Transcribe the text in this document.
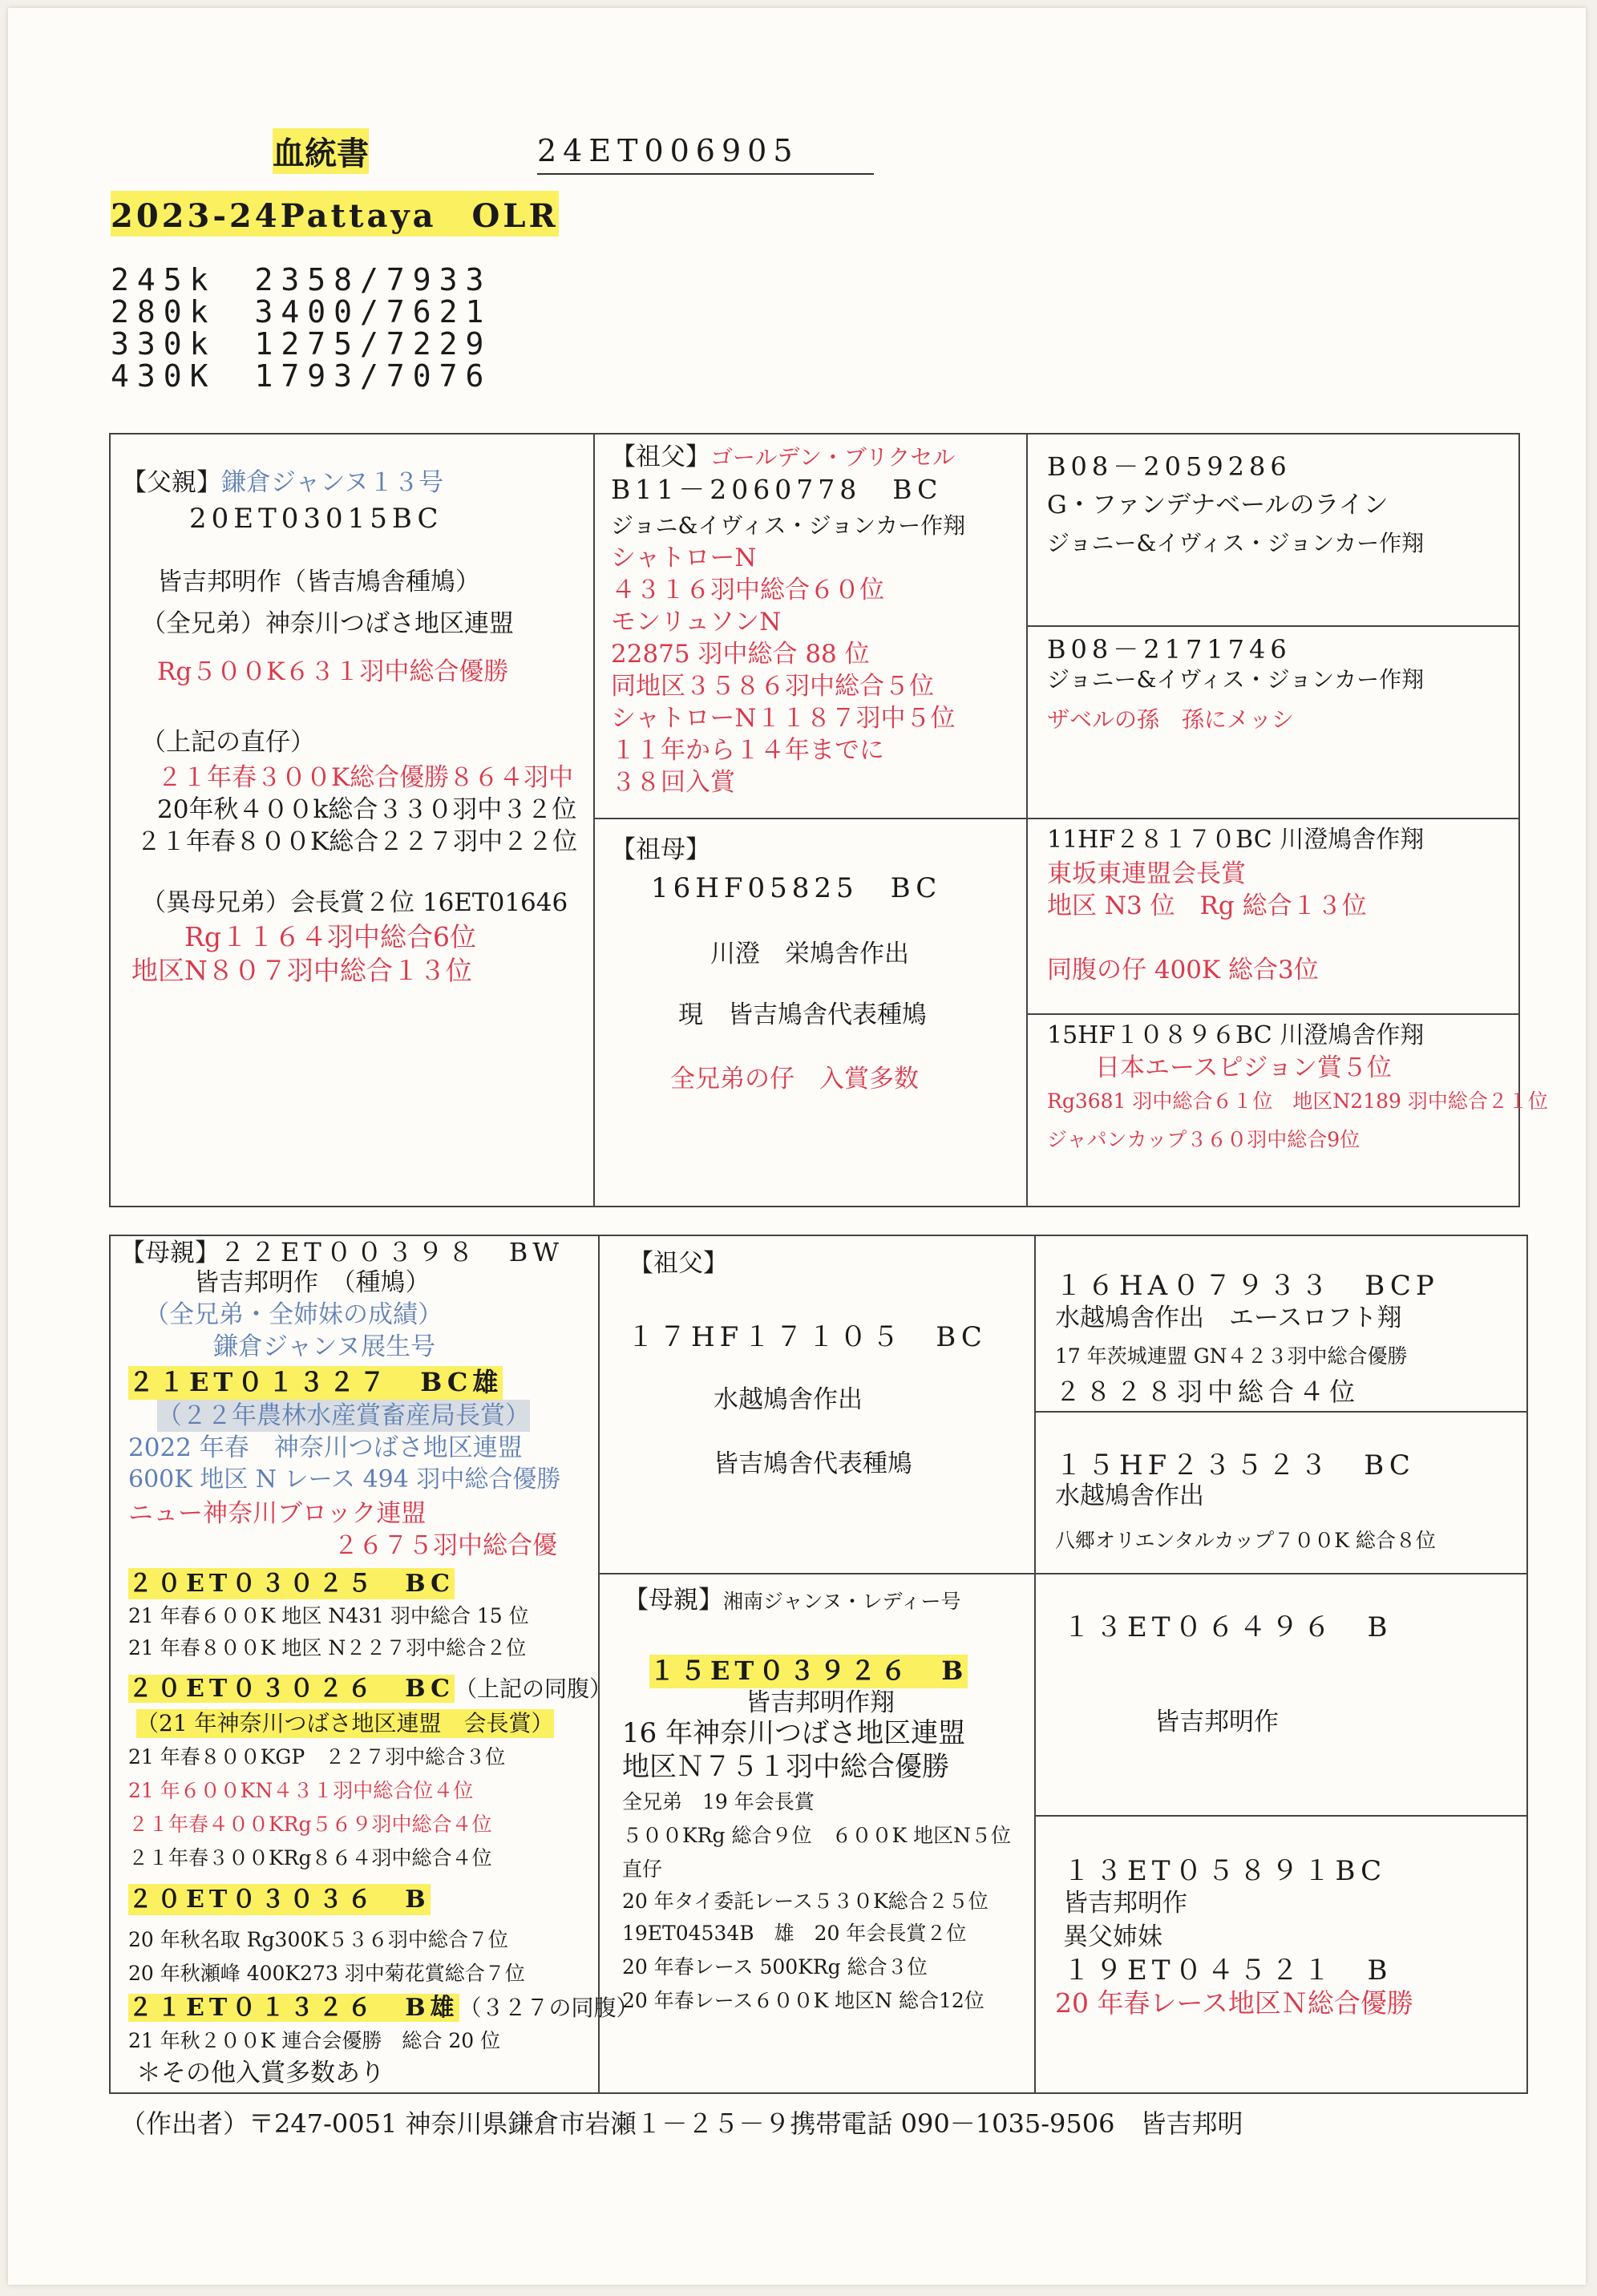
血統書	24ET006905
2023-24Pattaya　OLR
245k　2358/7933
280k　3400/7621
330k　1275/7229
430K　1793/7076
【父親】鎌倉ジャンヌ１３号
20ET03015BC
皆吉邦明作（皆吉鳩舎種鳩）
（全兄弟）神奈川つばさ地区連盟
Rg５００K６３１羽中総合優勝
（上記の直仔）
２１年春３００K総合優勝８６４羽中
20年秋４００k総合３３０羽中３２位
２１年春８００K総合２２７羽中２２位
（異母兄弟）会長賞２位 16ET01646
Rg１１６４羽中総合6位
地区N８０７羽中総合１３位
【祖父】ゴールデン・ブリクセル
B11－2060778　BC
ジョニ&イヴィス・ジョンカー作翔
シャトローN
４３１６羽中総合６０位
モンリュソンN
22875 羽中総合 88 位
同地区３５８６羽中総合５位
シャトローN１１８７羽中５位
１１年から１４年までに
３８回入賞
B08－2059286
G・ファンデナベールのライン
ジョニー&イヴィス・ジョンカー作翔
B08－2171746
ジョニー&イヴィス・ジョンカー作翔
ザベルの孫　孫にメッシ
【祖母】
16HF05825　BC
川澄　栄鳩舎作出
現　皆吉鳩舎代表種鳩
全兄弟の仔　入賞多数
11HF２８１７０BC 川澄鳩舎作翔
東坂東連盟会長賞
地区 N3 位　Rg 総合１３位
同腹の仔 400K 総合3位
15HF１０８９６BC 川澄鳩舎作翔
日本エースピジョン賞５位
Rg3681 羽中総合６１位　地区N2189 羽中総合２１位
ジャパンカップ３６０羽中総合9位
【母親】２２ET００３９８　BW
皆吉邦明作　（種鳩）
（全兄弟・全姉妹の成績）
鎌倉ジャンヌ展生号
２１ET０１３２７　BC雄
（２２年農林水産賞畜産局長賞）
2022 年春　神奈川つばさ地区連盟
600K 地区 N レース 494 羽中総合優勝
ニュー神奈川ブロック連盟
２６７５羽中総合優
２０ET０３０２５　BC
21 年春６００K 地区 N431 羽中総合 15 位
21 年春８００K 地区 N２２７羽中総合２位
２０ET０３０２６　BC（上記の同腹）
（21 年神奈川つばさ地区連盟　会長賞）
21 年春８００KGP　２２７羽中総合３位
21 年６００KN４３１羽中総合位４位
２１年春４００KRg５６９羽中総合４位
２１年春３００KRg８６４羽中総合４位
２０ET０３０３６　B
20 年秋名取 Rg300K５３６羽中総合７位
20 年秋瀬峰 400K273 羽中菊花賞総合７位
２１ET０１３２６　B雄（３２７の同腹）
21 年秋２００K 連合会優勝　総合 20 位
＊その他入賞多数あり
【祖父】
１７HF１７１０５　BC
水越鳩舎作出
皆吉鳩舎代表種鳩
１６HA０７９３３　BCP
水越鳩舎作出　エースロフト翔
17 年茨城連盟 GN４２３羽中総合優勝
２８２８羽中総合４位
１５HF２３５２３　BC
水越鳩舎作出
八郷オリエンタルカップ７００K 総合８位
【母親】湘南ジャンヌ・レディー号
１５ET０３９２６　B
皆吉邦明作翔
16 年神奈川つばさ地区連盟
地区Ｎ７５１羽中総合優勝
全兄弟　19 年会長賞
５００KRg 総合９位　６００K 地区N５位
直仔
20 年タイ委託レース５３０K総合２５位
19ET04534B　雄　20 年会長賞２位
20 年春レース 500KRg 総合３位
20 年春レース６００K 地区N 総合12位
１３ET０６４９６　B
皆吉邦明作
１３ET０５８９１BC
皆吉邦明作
異父姉妹
１９ET０４５２１　B
20 年春レース地区Ｎ総合優勝
（作出者）〒247-0051 神奈川県鎌倉市岩瀬１－２５－９携帯電話 090－1035-9506　皆吉邦明
